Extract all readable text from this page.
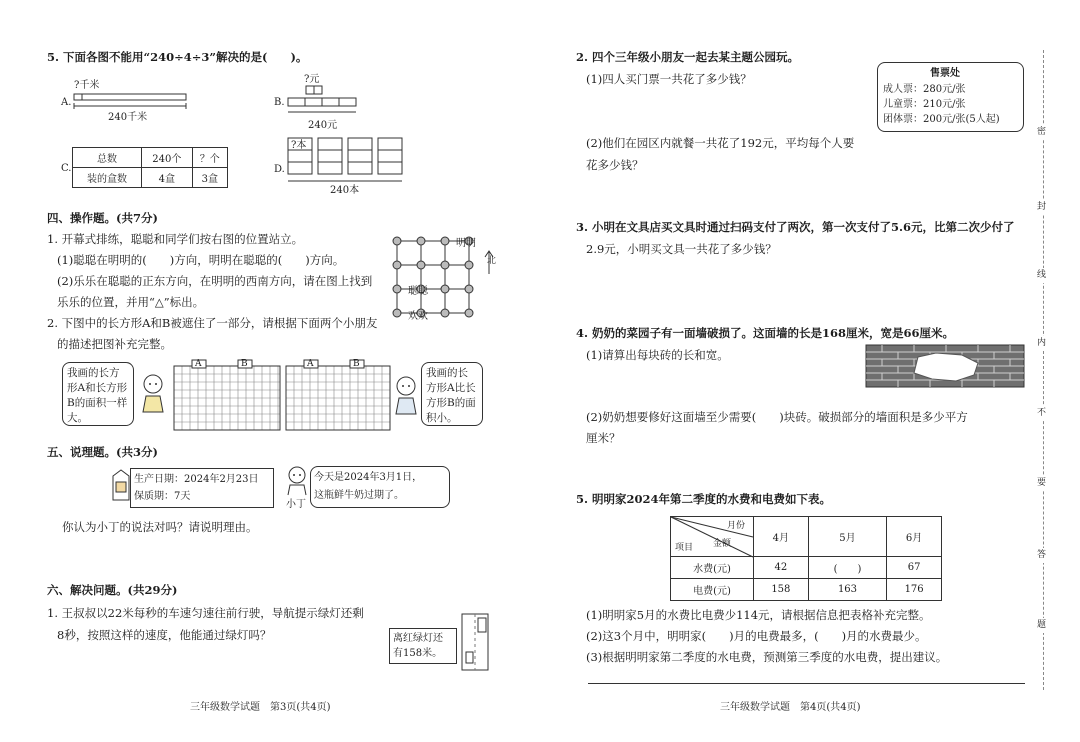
5. 下面各图不能用“240÷4÷3”解决的是(　　)。
A.
?千米
240千米
B.
?元
240元
C.
总数	240个	？个
装的盒数	4盒	3盒
D.
?本
240本
四、操作题。(共7分)
1. 开幕式排练，聪聪和同学们按右图的位置站立。
(1)聪聪在明明的(　　)方向，明明在聪聪的(　　)方向。
(2)乐乐在聪聪的正东方向，在明明的西南方向，请在图上找到
乐乐的位置，并用“△”标出。
明明
聪聪
欢欢
北
2. 下图中的长方形A和B被遮住了一部分，请根据下面两个小朋友
的描述把图补充完整。
我画的长方形A和长方形B的面积一样大。
A	B	A	B
我画的长方形A比长方形B的面积小。
五、说理题。(共3分)
生产日期：2024年2月23日
保质期：7天
小丁
今天是2024年3月1日，
这瓶鲜牛奶过期了。
你认为小丁的说法对吗？请说明理由。
六、解决问题。(共29分)
1. 王叔叔以22米每秒的车速匀速往前行驶，导航提示绿灯还剩
8秒，按照这样的速度，他能通过绿灯吗？	离红绿灯还
有158米。
三年级数学试题　第3页(共4页)
2. 四个三年级小朋友一起去某主题公园玩。
(1)四人买门票一共花了多少钱？	售票处
成人票：280元/张
儿童票：210元/张
团体票：200元/张(5人起)
(2)他们在园区内就餐一共花了192元，平均每个人要
花多少钱？
3. 小明在文具店买文具时通过扫码支付了两次，第一次支付了5.6元，比第二次少付了
2.9元，小明买文具一共花了多少钱？
4. 奶奶的菜园子有一面墙破损了。这面墙的长是168厘米，宽是66厘米。
(1)请算出每块砖的长和宽。
(2)奶奶想要修好这面墙至少需要(　　)块砖。破损部分的墙面积是多少平方
厘米？
5. 明明家2024年第二季度的水费和电费如下表。
月份
金额
项目	4月	5月	6月
水费(元)	42	(　　)	67
电费(元)	158	163	176
(1)明明家5月的水费比电费少114元，请根据信息把表格补充完整。
(2)这3个月中，明明家(　　)月的电费最多，(　　)月的水费最少。
(3)根据明明家第二季度的水电费，预测第三季度的水电费，提出建议。
三年级数学试题　第4页(共4页)
密
封
线
内
不
要
答
题
